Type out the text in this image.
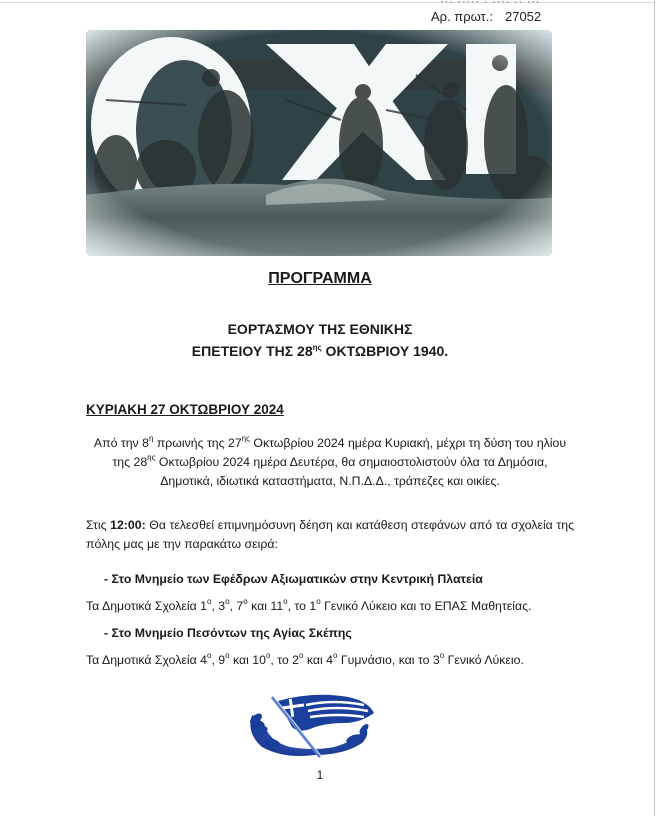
··· ····· · ···· ·· ···
Αρ. πρωτ.: 27052
ΠΡΟΓΡΑΜΜΑ
ΕΟΡΤΑΣΜΟΥ ΤΗΣ ΕΘΝΙΚΗΣ
ΕΠΕΤΕΙΟΥ ΤΗΣ $28^{\eta\varsigma}$ ΟΚΤΩΒΡΙΟΥ 1940.
ΚΥΡΙΑΚΗ 27 ΟΚΤΩΒΡΙΟΥ 2024
Από την $8^\eta$ πρωινής της $27^{\eta\varsigma}$ Οκτωβρίου 2024 ημέρα Κυριακή, μέχρι τη δύση του ηλίου της $28^{\eta\varsigma}$ Οκτωβρίου 2024 ημέρα Δευτέρα, θα σημαιοστολιστούν όλα τα Δημόσια, Δημοτικά, ιδιωτικά καταστήματα, Ν.Π.Δ.Δ., τράπεζες και οικίες.
Στις 12:00: Θα τελεσθεί επιμνημόσυνη δέηση και κατάθεση στεφάνων από τα σχολεία της πόλης μας με την παρακάτω σειρά:
- Στο Μνημείο των Εφέδρων Αξιωματικών στην Κεντρική Πλατεία
Τα Δημοτικά Σχολεία $1^o$, $3^o$, $7^o$ και $11^o$, το $1^o$ Γενικό Λύκειο και το ΕΠΑΣ Μαθητείας.
- Στο Μνημείο Πεσόντων της Αγίας Σκέπης
Τα Δημοτικά Σχολεία $4^o$, $9^o$ και $10^o$, το $2^o$ και $4^o$ Γυμνάσιο, και το $3^o$ Γενικό Λύκειο.
1
